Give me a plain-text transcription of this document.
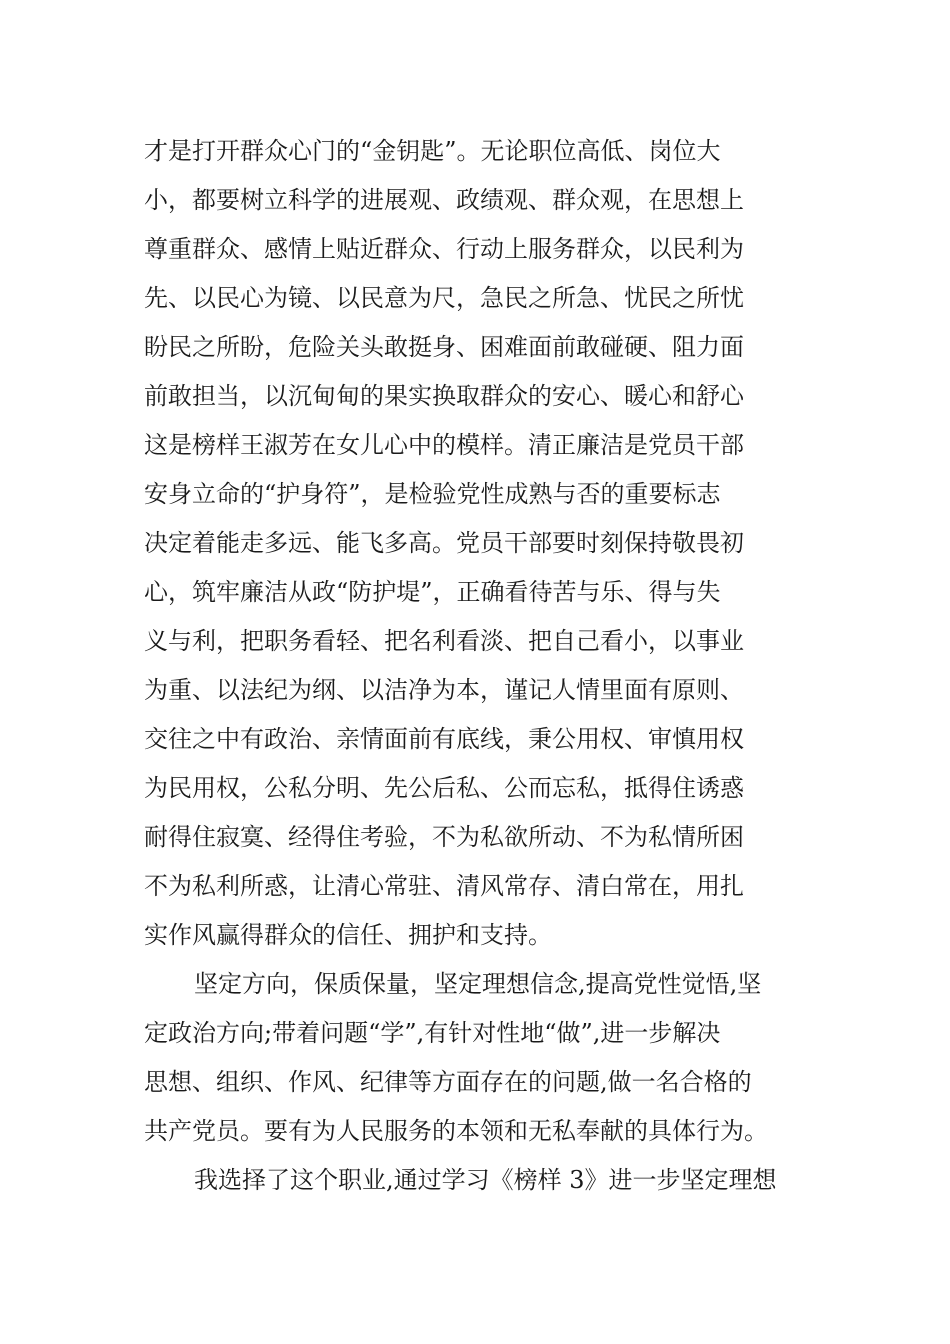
才是打开群众心门的“金钥匙”。无论职位高低、岗位大
小，都要树立科学的进展观、政绩观、群众观，在思想上
尊重群众、感情上贴近群众、行动上服务群众，以民利为
先、以民心为镜、以民意为尺，急民之所急、忧民之所忧
盼民之所盼，危险关头敢挺身、困难面前敢碰硬、阻力面
前敢担当，以沉甸甸的果实换取群众的安心、暖心和舒心
这是榜样王淑芳在女儿心中的模样。清正廉洁是党员干部
安身立命的“护身符”，是检验党性成熟与否的重要标志
决定着能走多远、能飞多高。党员干部要时刻保持敬畏初
心，筑牢廉洁从政“防护堤”，正确看待苦与乐、得与失
义与利，把职务看轻、把名利看淡、把自己看小，以事业
为重、以法纪为纲、以洁净为本，谨记人情里面有原则、
交往之中有政治、亲情面前有底线，秉公用权、审慎用权
为民用权，公私分明、先公后私、公而忘私，抵得住诱惑
耐得住寂寞、经得住考验，不为私欲所动、不为私情所困
不为私利所惑，让清心常驻、清风常存、清白常在，用扎
实作风赢得群众的信任、拥护和支持。
坚定方向，保质保量，坚定理想信念,提高党性觉悟,坚
定政治方向;带着问题“学”,有针对性地“做”,进一步解决
思想、组织、作风、纪律等方面存在的问题,做一名合格的
共产党员。要有为人民服务的本领和无私奉献的具体行为。
我选择了这个职业,通过学习《榜样 3》进一步坚定理想
